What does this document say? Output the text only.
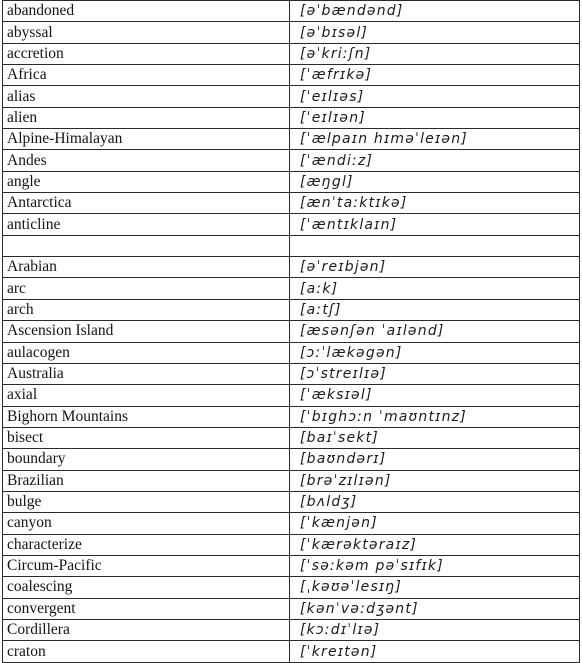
abandoned	[əˈbændənd]
abyssal	[əˈbɪsəl]
accretion	[əˈkriːʃn]
Africa	[ˈæfrɪkə]
alias	[ˈeɪlɪəs]
alien	[ˈeɪlɪən]
Alpine-Himalayan	[ˈælpaɪn hɪməˈleɪən]
Andes	[ˈændiːz]
angle	[æŋgl]
Antarctica	[ænˈtaːktɪkə]
anticline	[ˈæntɪklaɪn]

Arabian	[əˈreɪbjən]
arc	[aːk]
arch	[aːtʃ]
Ascension Island	[æsənʃən ˈaɪlənd]
aulacogen	[ɔːˈlækəgən]
Australia	[ɔˈstreɪlɪə]
axial	[ˈæksɪəl]
Bighorn Mountains	[ˈbɪghɔːn ˈmaʊntɪnz]
bisect	[baɪˈsekt]
boundary	[baʊndərɪ]
Brazilian	[brəˈzɪlɪən]
bulge	[bʌldʒ]
canyon	[ˈkænjən]
characterize	[ˈkærəktəraɪz]
Circum-Pacific	[ˈsəːkəm pəˈsɪfɪk]
coalescing	[ˌkəʊəˈlesɪŋ]
convergent	[kənˈvəːdʒənt]
Cordillera	[kɔːdɪˈlɪə]
craton	[ˈkreɪtən]
